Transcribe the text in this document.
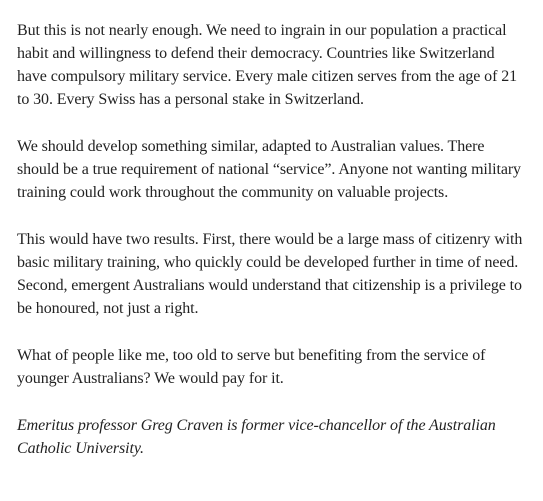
But this is not nearly enough. We need to ingrain in our population a practical habit and willingness to defend their democracy. Countries like Switzerland have compulsory military service. Every male citizen serves from the age of 21 to 30. Every Swiss has a personal stake in Switzerland.

We should develop something similar, adapted to Australian values. There should be a true requirement of national “service”. Anyone not wanting military training could work throughout the community on valuable projects.

This would have two results. First, there would be a large mass of citizenry with basic military training, who quickly could be developed further in time of need. Second, emergent Australians would understand that citizenship is a privilege to be honoured, not just a right.

What of people like me, too old to serve but benefiting from the service of younger Australians? We would pay for it.

Emeritus professor Greg Craven is former vice-chancellor of the Australian Catholic University.
